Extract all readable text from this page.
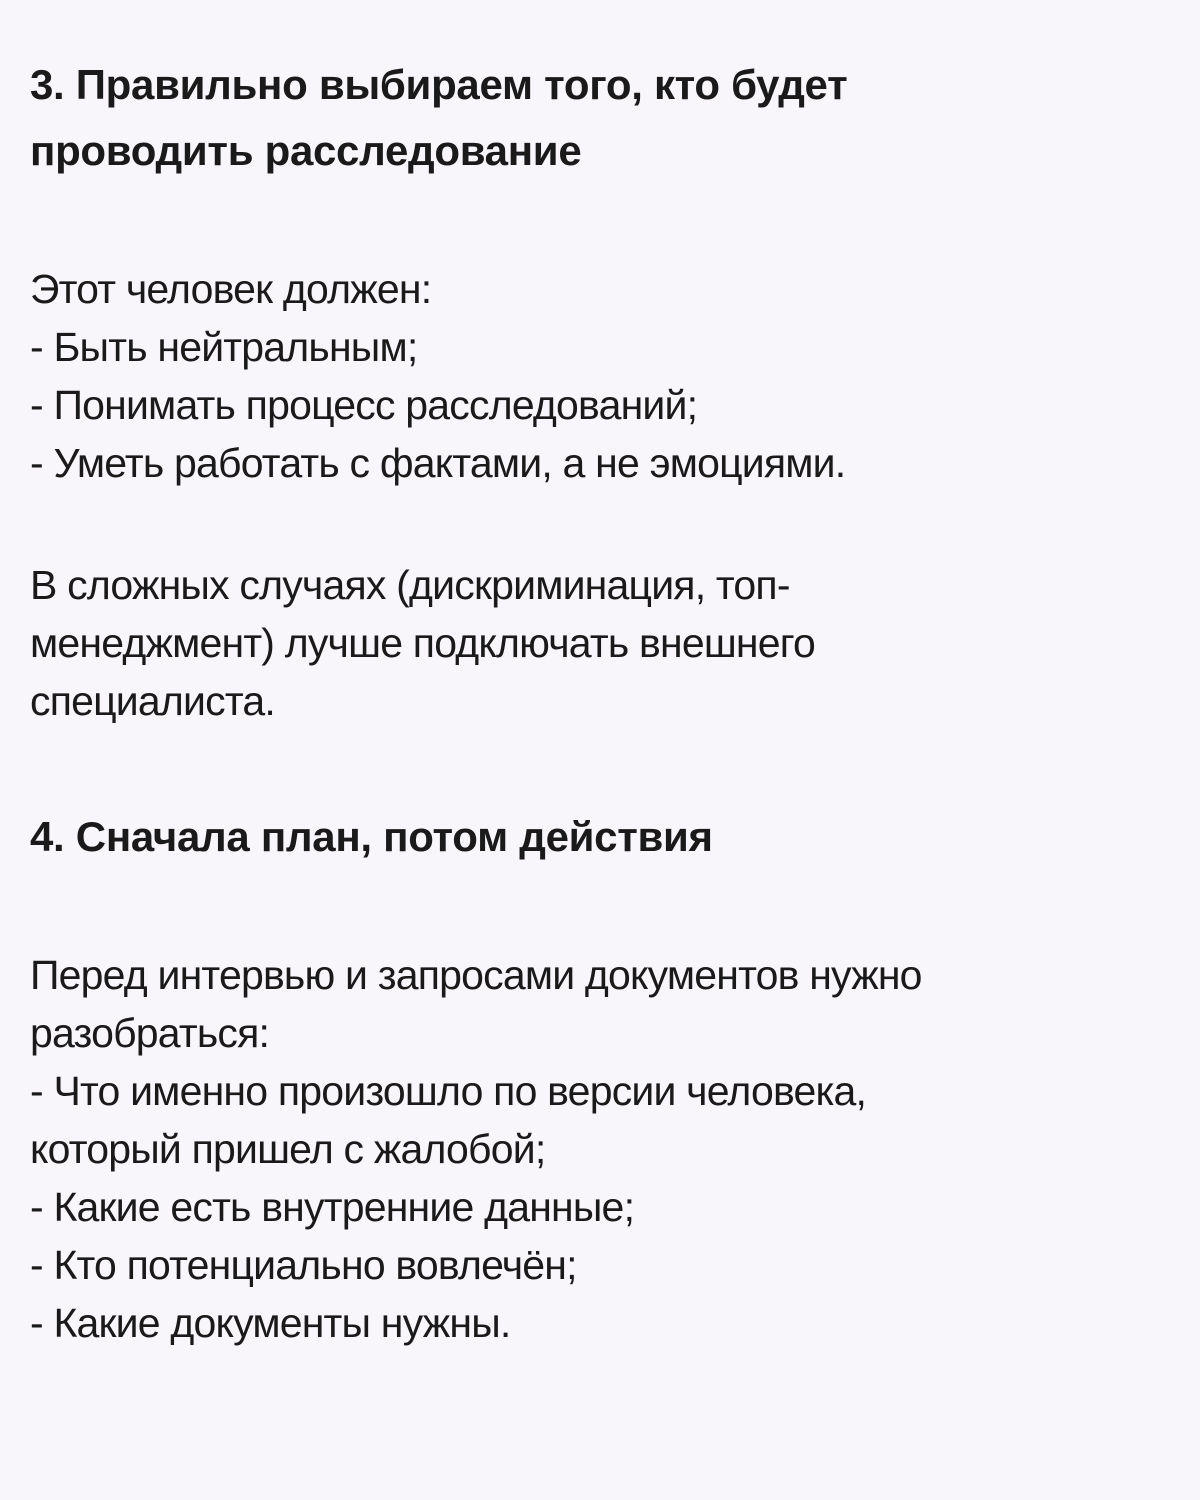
3. Правильно выбираем того, кто будет
проводить расследование
Этот человек должен:
- Быть нейтральным;
- Понимать процесс расследований;
- Уметь работать с фактами, а не эмоциями.
В сложных случаях (дискриминация, топ-
менеджмент) лучше подключать внешнего
специалиста.
4. Сначала план, потом действия
Перед интервью и запросами документов нужно
разобраться:
- Что именно произошло по версии человека,
который пришел с жалобой;
- Какие есть внутренние данные;
- Кто потенциально вовлечён;
- Какие документы нужны.
